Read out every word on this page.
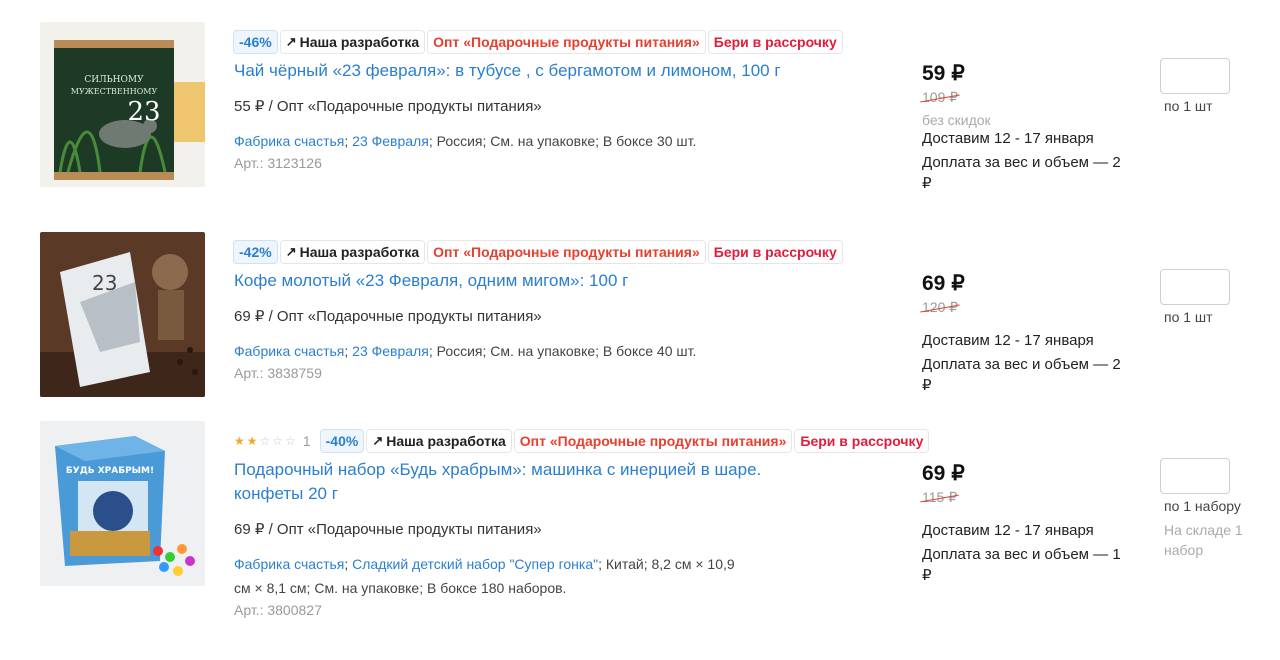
СИЛЬНОМУ
МУЖЕСТВЕННОМУ
23
-46%	↗ Наша разработка	Опт «Подарочные продукты питания»	Бери в рассрочку
Чай чёрный «23 февраля»: в тубусе , с бергамотом и лимоном, 100 г
55 ₽ / Опт «Подарочные продукты питания»
Фабрика счастья; 23 Февраля; Россия; См. на упаковке; В боксе 30 шт.
Арт.: 3123126
59 ₽
109 ₽
без скидок
Доставим 12 - 17 января
Доплата за вес и объем — 2 ₽
по 1 шт
23
-42%	↗ Наша разработка	Опт «Подарочные продукты питания»	Бери в рассрочку
Кофе молотый «23 Февраля, одним мигом»: 100 г
69 ₽ / Опт «Подарочные продукты питания»
Фабрика счастья; 23 Февраля; Россия; См. на упаковке; В боксе 40 шт.
Арт.: 3838759
69 ₽
120 ₽
Доставим 12 - 17 января
Доплата за вес и объем — 2 ₽
по 1 шт
БУДЬ ХРАБРЫМ!
★ ★ ☆ ☆ ☆ 1	-40%	↗ Наша разработка	Опт «Подарочные продукты питания»	Бери в рассрочку
Подарочный набор «Будь храбрым»: машинка с инерцией в шаре. конфеты 20 г
69 ₽ / Опт «Подарочные продукты питания»
Фабрика счастья; Сладкий детский набор "Супер гонка"; Китай; 8,2 см × 10,9 см × 8,1 см; См. на упаковке; В боксе 180 наборов.
Арт.: 3800827
69 ₽
115 ₽
Доставим 12 - 17 января
Доплата за вес и объем — 1 ₽
по 1 набору
На складе 1 набор
